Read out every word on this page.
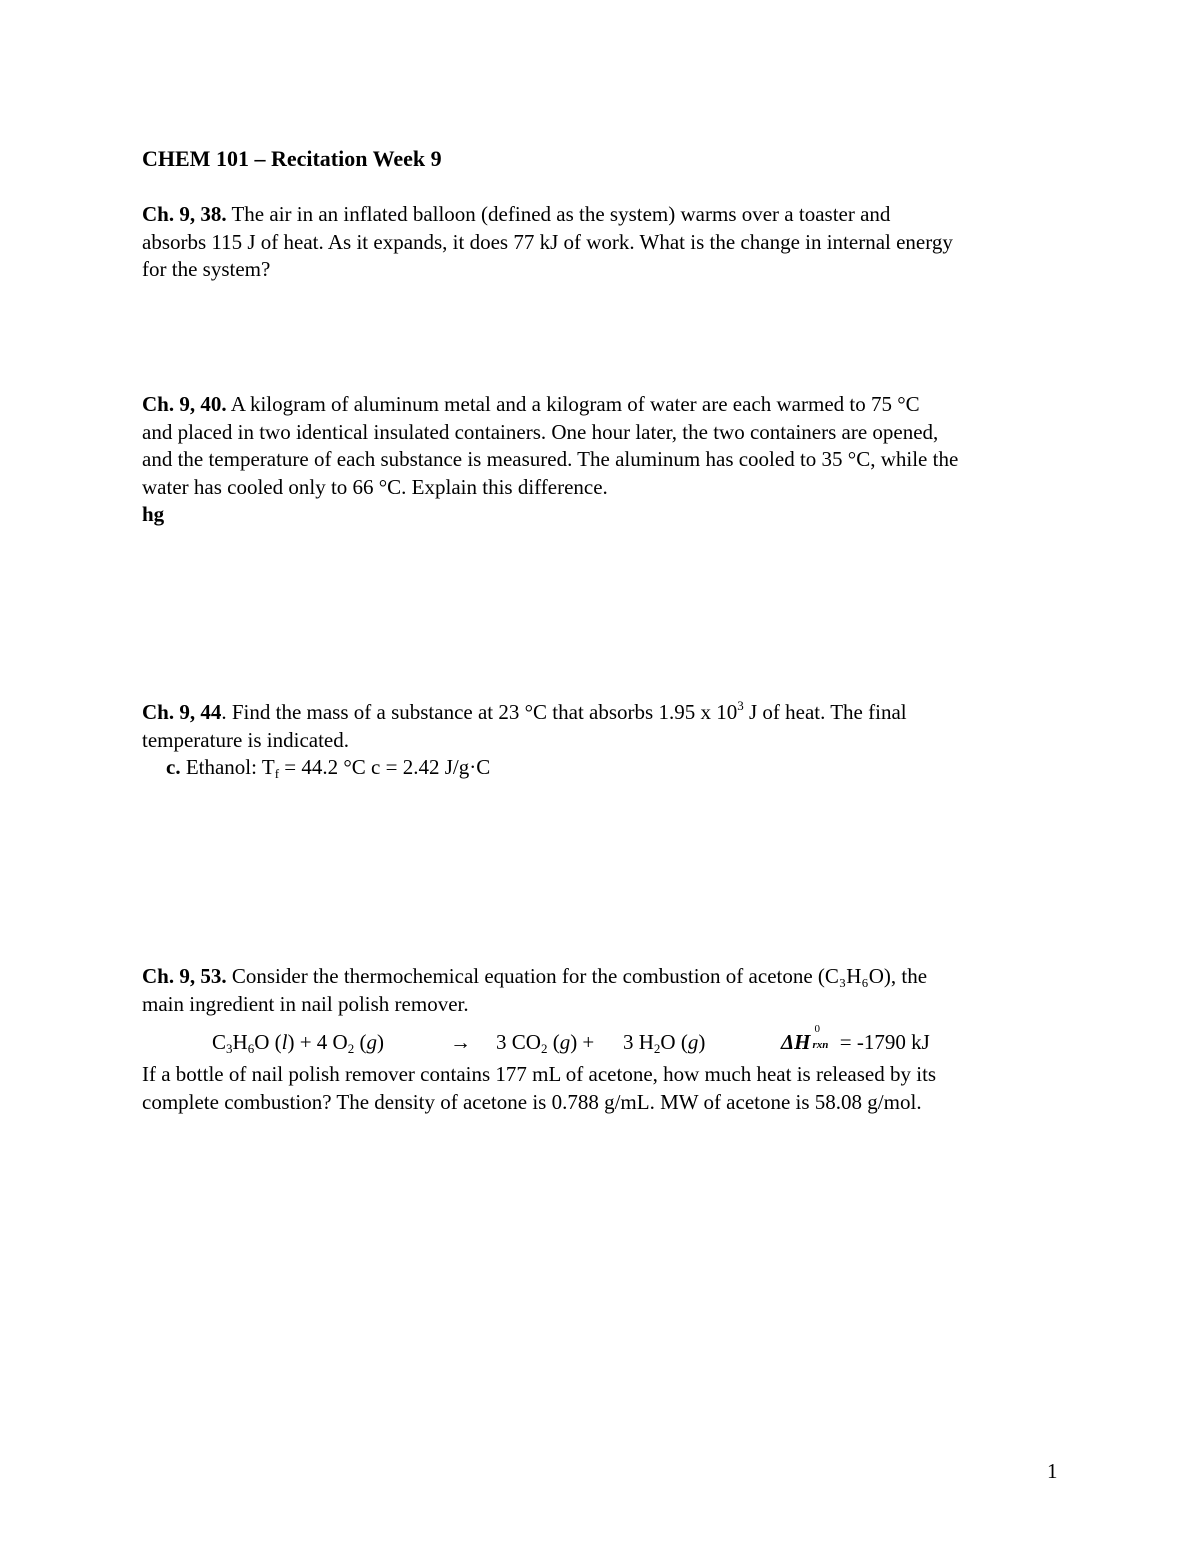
CHEM 101 – Recitation Week 9
Ch. 9, 38. The air in an inflated balloon (defined as the system) warms over a toaster and
absorbs 115 J of heat. As it expands, it does 77 kJ of work. What is the change in internal energy
for the system?
Ch. 9, 40. A kilogram of aluminum metal and a kilogram of water are each warmed to 75 °C
and placed in two identical insulated containers. One hour later, the two containers are opened,
and the temperature of each substance is measured. The aluminum has cooled to 35 °C, while the
water has cooled only to 66 °C. Explain this difference.
hg
Ch. 9, 44. Find the mass of a substance at 23 °C that absorbs 1.95 x $10^3$ J of heat. The final
temperature is indicated.
c. Ethanol: $T_f = 44.2$ °C c = 2.42 J/g·C
Ch. 9, 53. Consider the thermochemical equation for the combustion of acetone (C₃H₆O), the
main ingredient in nail polish remover.
$C_3H_6O$ (l) + 4 $O_2$ (g)	→ 3 $CO_2$ (g) + 3 $H_2O$ (g)	ΔH
0
rxn = -1790 kJ
If a bottle of nail polish remover contains 177 mL of acetone, how much heat is released by its
complete combustion? The density of acetone is 0.788 g/mL. MW of acetone is 58.08 g/mol.
1
